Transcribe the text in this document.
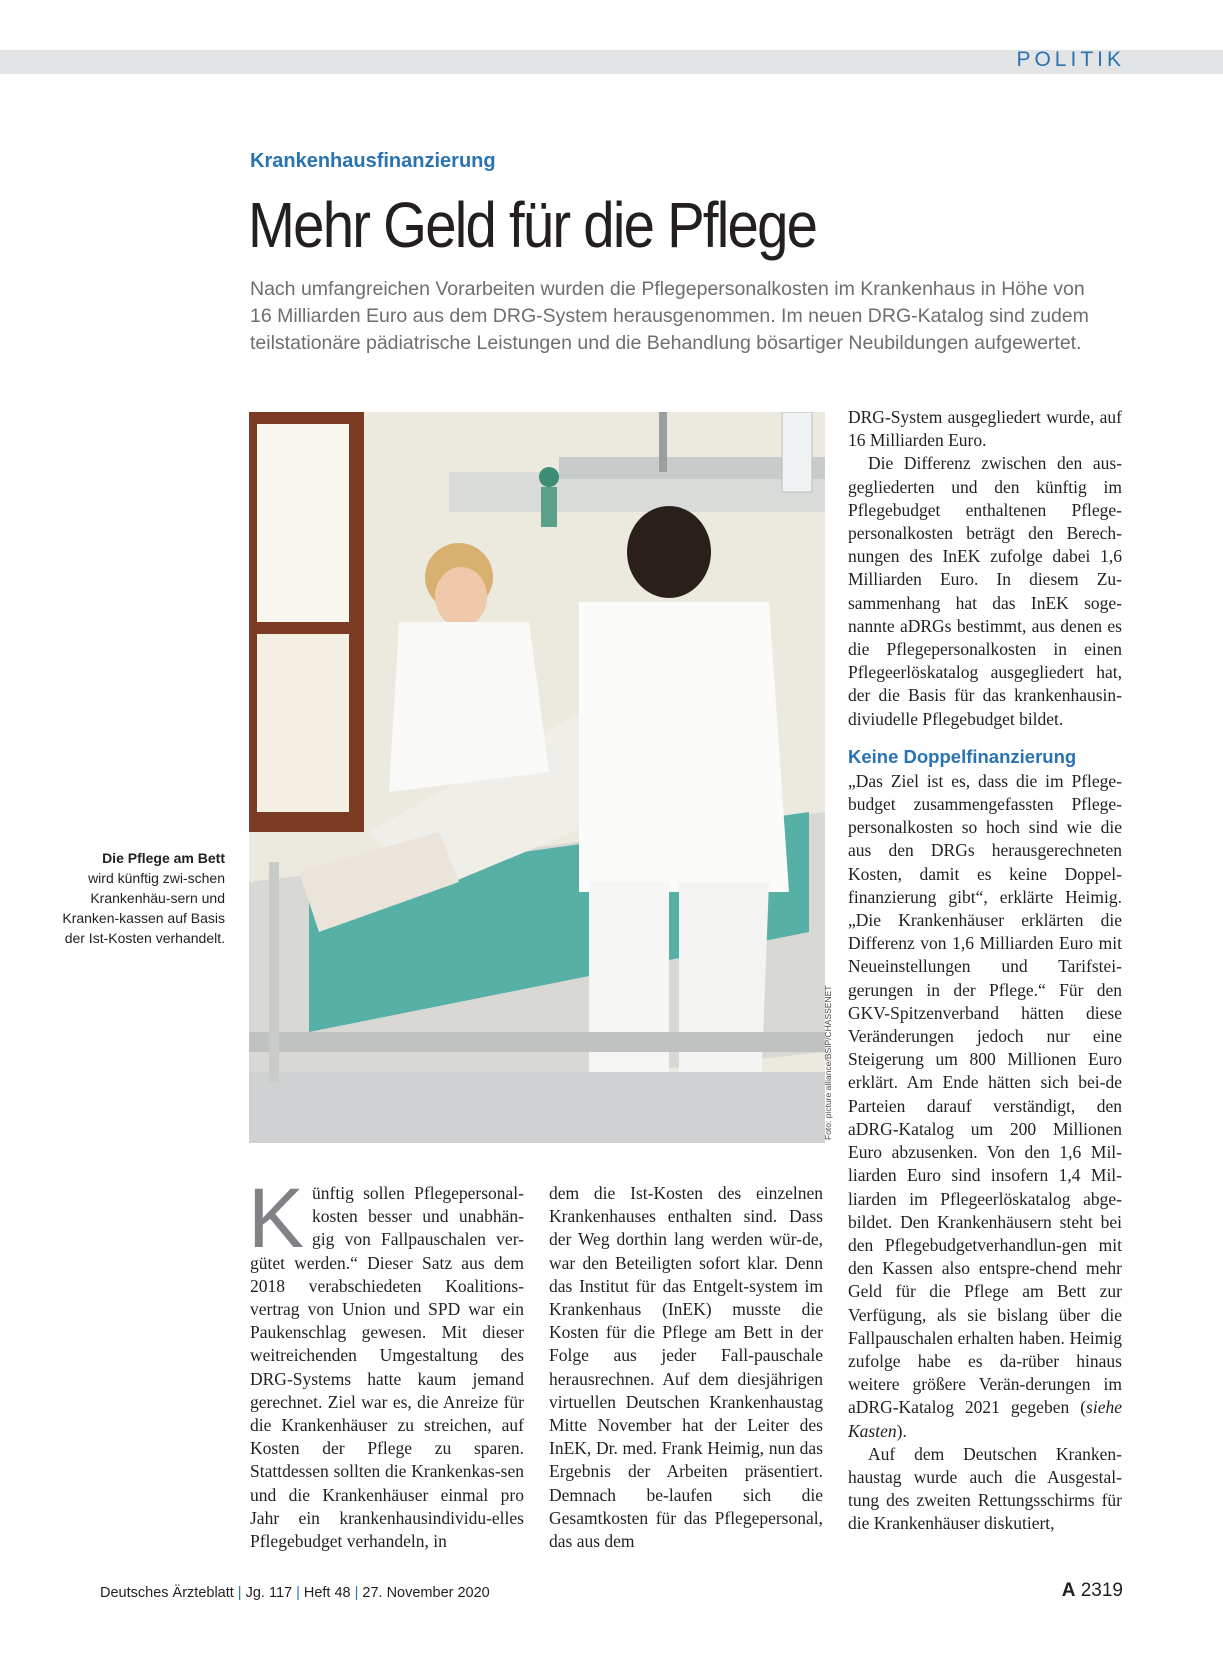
POLITIK
Krankenhausfinanzierung
Mehr Geld für die Pflege

Nach umfangreichen Vorarbeiten wurden die Pflegepersonalkosten im Krankenhaus in Höhe von

16 Milliarden Euro aus dem DRG-System herausgenommen. Im neuen DRG-Katalog sind zudem

teilstationäre pädiatrische Leistungen und die Behandlung bösartiger Neubildungen aufgewertet.

Foto: picture alliance/BSIP/CHASSENET

Die Pflege am Bett

wird künftig zwi-schen Krankenhäu-sern und Kranken-kassen auf Basis der Ist-Kosten verhandelt.

K ünftig sollen Pflegepersonal-kosten besser und unabhän-gig von Fallpauschalen ver-gütet werden.“ Dieser Satz aus dem 2018 verabschiedeten Koalitions-vertrag von Union und SPD war ein Paukenschlag gewesen. Mit dieser weitreichenden Umgestaltung des DRG-Systems hatte kaum jemand gerechnet. Ziel war es, die Anreize für die Krankenhäuser zu streichen, auf Kosten der Pflege zu sparen. Stattdessen sollten die Krankenkas-sen und die Krankenhäuser einmal pro Jahr ein krankenhausindividu-elles Pflegebudget verhandeln, in

dem die Ist-Kosten des einzelnen Krankenhauses enthalten sind. Dass der Weg dorthin lang werden wür-de, war den Beteiligten sofort klar. Denn das Institut für das Entgelt-system im Krankenhaus (InEK) musste die Kosten für die Pflege am Bett in der Folge aus jeder Fall-pauschale herausrechnen. Auf dem diesjährigen virtuellen Deutschen Krankenhaustag Mitte November hat der Leiter des InEK, Dr. med. Frank Heimig, nun das Ergebnis der Arbeiten präsentiert. Demnach be-laufen sich die Gesamtkosten für das Pflegepersonal, das aus dem

DRG-System ausgegliedert wurde, auf 16 Milliarden Euro.

Die Differenz zwischen den aus-gegliederten und den künftig im Pflegebudget enthaltenen Pflege-personalkosten beträgt den Berech-nungen des InEK zufolge dabei 1,6 Milliarden Euro. In diesem Zu-sammenhang hat das InEK soge-nannte aDRGs bestimmt, aus denen es die Pflegepersonalkosten in einen Pflegeerlöskatalog ausgegliedert hat, der die Basis für das krankenhausin-diviudelle Pflegebudget bildet.

Keine Doppelfinanzierung

„Das Ziel ist es, dass die im Pflege-budget zusammengefassten Pflege-personalkosten so hoch sind wie die aus den DRGs herausgerechneten Kosten, damit es keine Doppel-finanzierung gibt“, erklärte Heimig. „Die Krankenhäuser erklärten die Differenz von 1,6 Milliarden Euro mit Neueinstellungen und Tarifstei-gerungen in der Pflege.“ Für den GKV-Spitzenverband hätten diese Veränderungen jedoch nur eine Steigerung um 800 Millionen Euro erklärt. Am Ende hätten sich bei-de Parteien darauf verständigt, den aDRG-Katalog um 200 Millionen Euro abzusenken. Von den 1,6 Mil-liarden Euro sind insofern 1,4 Mil-liarden im Pflegeerlöskatalog abge-bildet. Den Krankenhäusern steht bei den Pflegebudgetverhandlun-gen mit den Kassen also entspre-chend mehr Geld für die Pflege am Bett zur Verfügung, als sie bislang über die Fallpauschalen erhalten haben. Heimig zufolge habe es da-rüber hinaus weitere größere Verän-derungen im aDRG-Katalog 2021 gegeben (siehe Kasten).

Auf dem Deutschen Kranken-haustag wurde auch die Ausgestal-tung des zweiten Rettungsschirms für die Krankenhäuser diskutiert,

Deutsches Ärzteblatt | Jg. 117 | Heft 48 | 27. November 2020	A 2319
